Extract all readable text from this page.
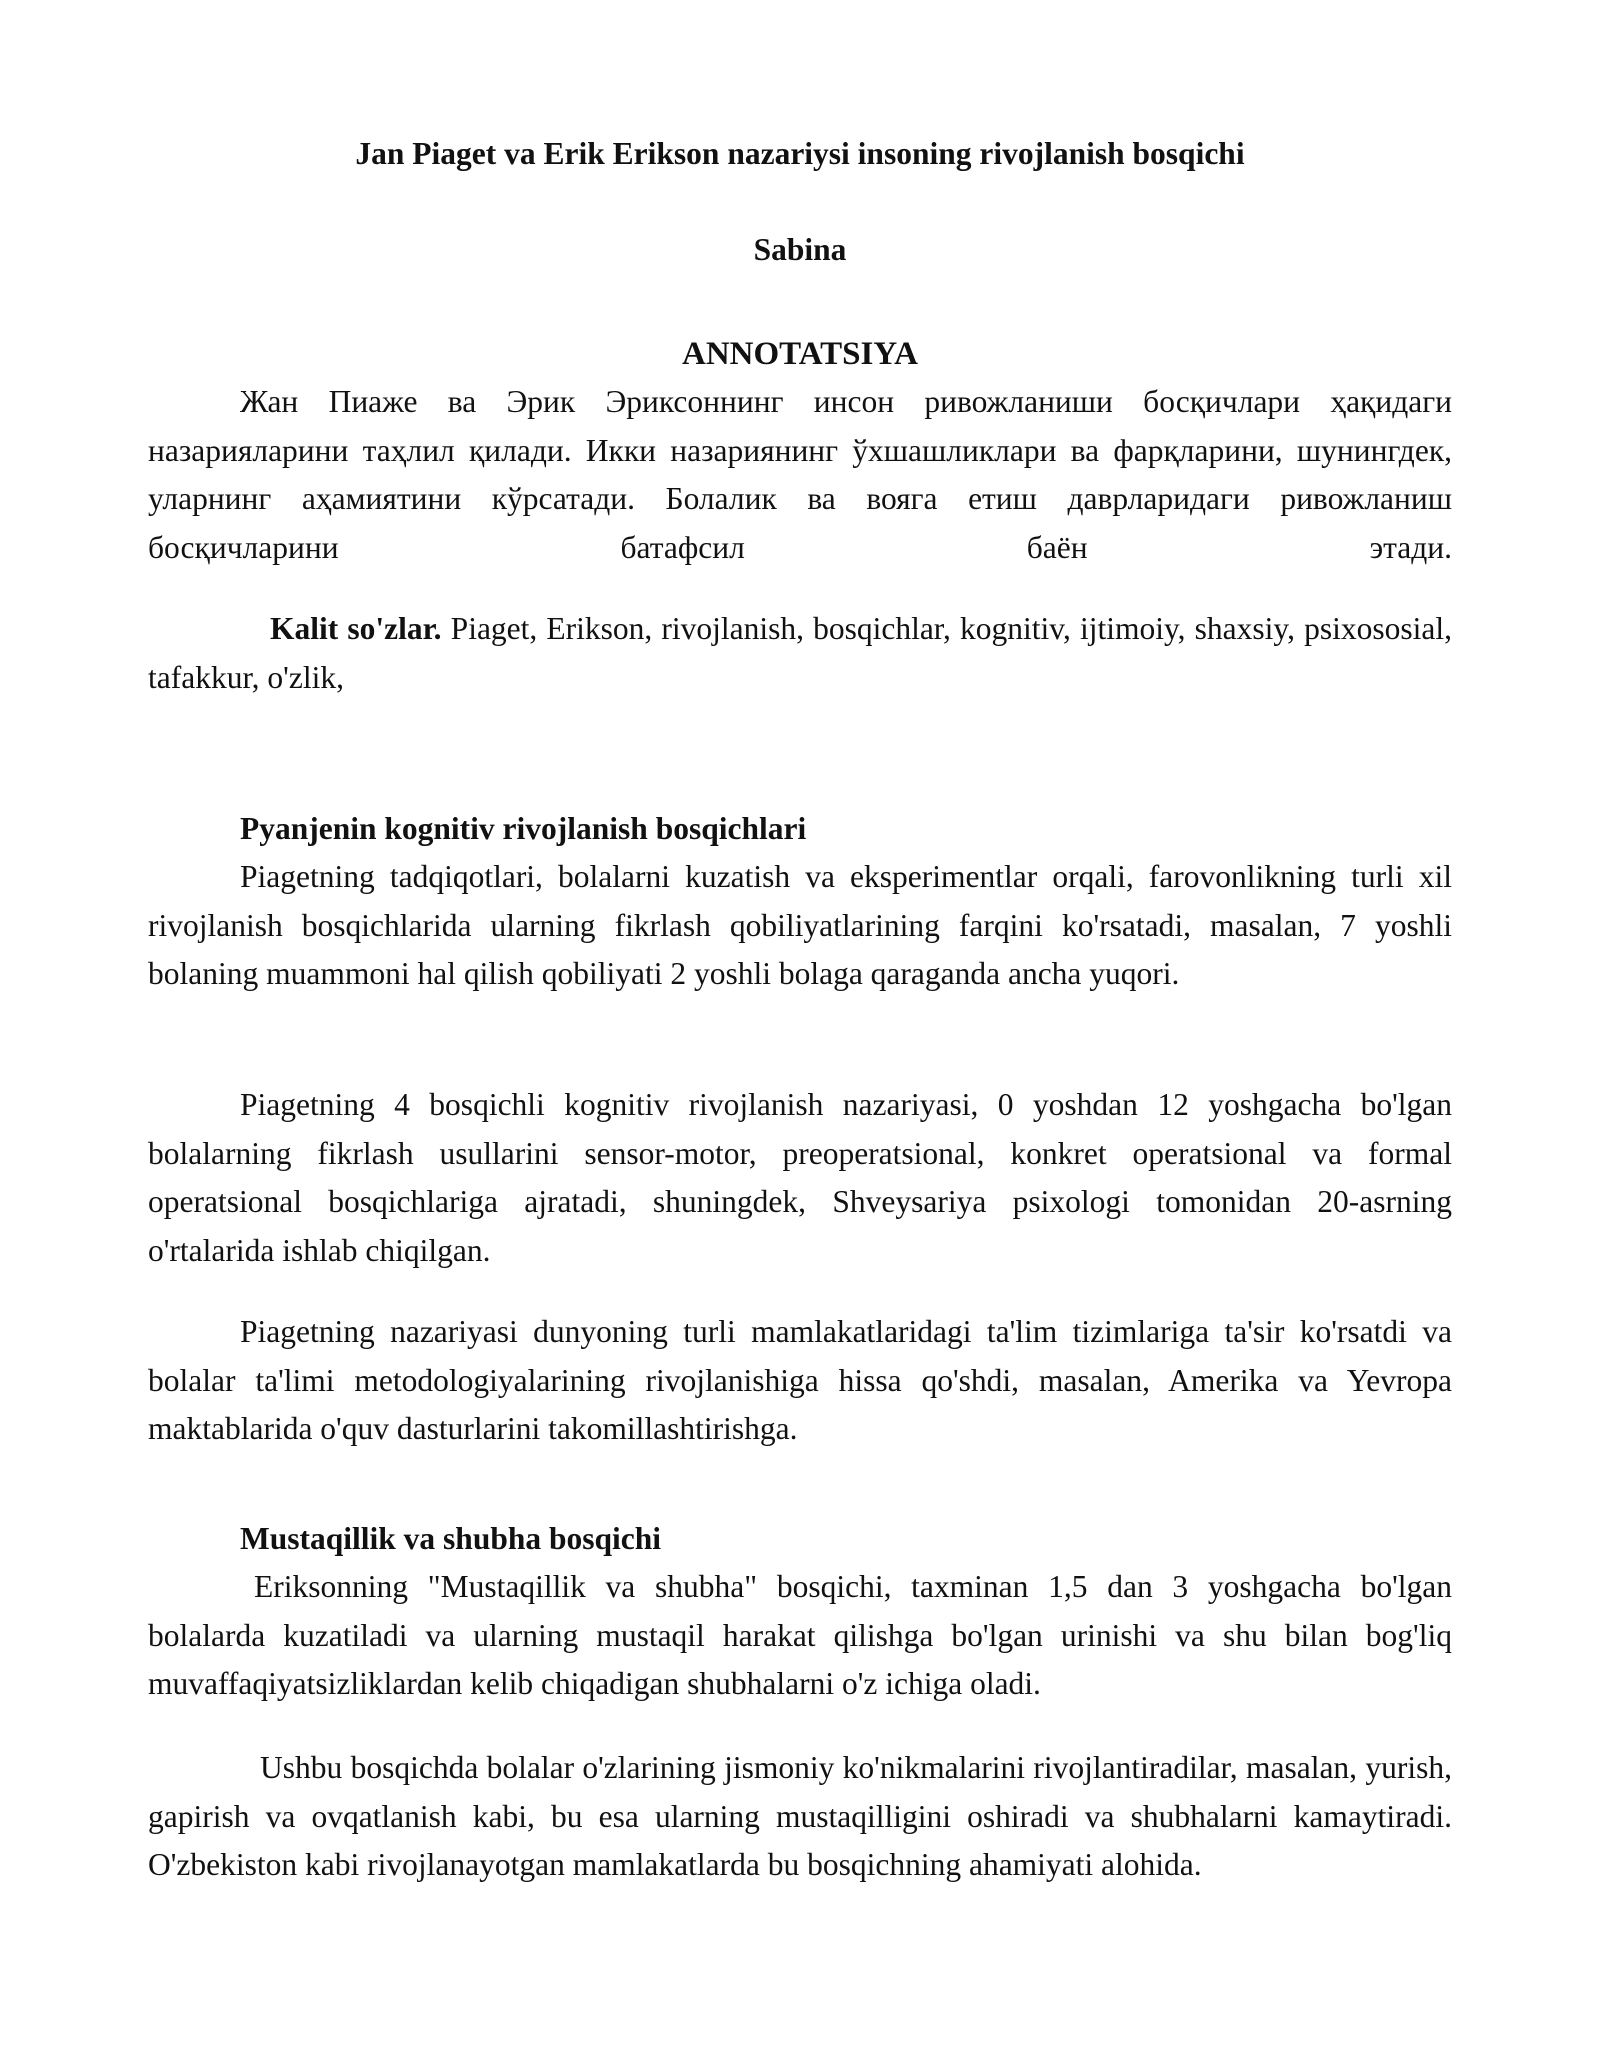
Jan Piaget va Erik Erikson nazariysi insoning rivojlanish bosqichi

Sabina

ANNOTATSIYA

Жан Пиаже ва Эрик Эриксоннинг инсон ривожланиши босқичлари ҳақидаги назарияларини таҳлил қилади. Икки назариянинг ўхшашликлари ва фарқларини, шунингдек, уларнинг аҳамиятини кўрсатади. Болалик ва вояга етиш даврларидаги ривожланиш босқичларини батафсил баён этади.

Kalit so'zlar. Piaget, Erikson, rivojlanish, bosqichlar, kognitiv, ijtimoiy, shaxsiy, psixososial, tafakkur, o'zlik,

Pyanjenin kognitiv rivojlanish bosqichlari

Piagetning tadqiqotlari, bolalarni kuzatish va eksperimentlar orqali, farovonlikning turli xil rivojlanish bosqichlarida ularning fikrlash qobiliyatlarining farqini ko'rsatadi, masalan, 7 yoshli bolaning muammoni hal qilish qobiliyati 2 yoshli bolaga qaraganda ancha yuqori.

Piagetning 4 bosqichli kognitiv rivojlanish nazariyasi, 0 yoshdan 12 yoshgacha bo'lgan bolalarning fikrlash usullarini sensor-motor, preoperatsional, konkret operatsional va formal operatsional bosqichlariga ajratadi, shuningdek, Shveysariya psixologi tomonidan 20-asrning o'rtalarida ishlab chiqilgan.

Piagetning nazariyasi dunyoning turli mamlakatlaridagi ta'lim tizimlariga ta'sir ko'rsatdi va bolalar ta'limi metodologiyalarining rivojlanishiga hissa qo'shdi, masalan, Amerika va Yevropa maktablarida o'quv dasturlarini takomillashtirishga.

Mustaqillik va shubha bosqichi

Eriksonning "Mustaqillik va shubha" bosqichi, taxminan 1,5 dan 3 yoshgacha bo'lgan bolalarda kuzatiladi va ularning mustaqil harakat qilishga bo'lgan urinishi va shu bilan bog'liq muvaffaqiyatsizliklardan kelib chiqadigan shubhalarni o'z ichiga oladi.

Ushbu bosqichda bolalar o'zlarining jismoniy ko'nikmalarini rivojlantiradilar, masalan, yurish, gapirish va ovqatlanish kabi, bu esa ularning mustaqilligini oshiradi va shubhalarni kamaytiradi. O'zbekiston kabi rivojlanayotgan mamlakatlarda bu bosqichning ahamiyati alohida.
